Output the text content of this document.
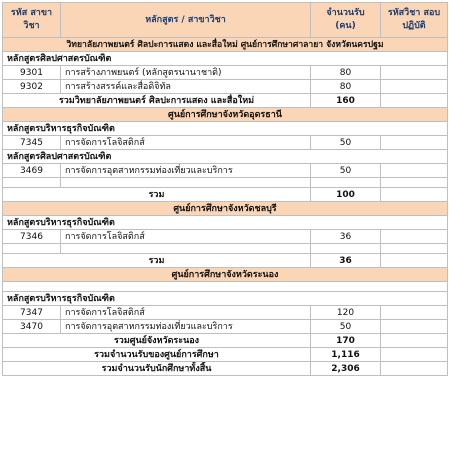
รหัส สาขาวิชา	หลักสูตร / สาขาวิชา	จำนวนรับ (คน)	รหัสวิชา สอบปฏิบัติ
วิทยาลัยภาพยนตร์ ศิลปะการแสดง และสื่อใหม่ ศูนย์การศึกษาศาลายา จังหวัดนครปฐม			
หลักสูตรศิลปศาสตรบัณฑิต			
9301	การสร้างภาพยนตร์ (หลักสูตรนานาชาติ)	80	
9302	การสร้างสรรค์และสื่อดิจิทัล	80	
รวมวิทยาลัยภาพยนตร์ ศิลปะการแสดง และสื่อใหม่		160	
ศูนย์การศึกษาจังหวัดอุดรธานี			
หลักสูตรบริหารธุรกิจบัณฑิต			
7345	การจัดการโลจิสติกส์	50	
หลักสูตรศิลปศาสตรบัณฑิต			
3469	การจัดการอุตสาหกรรมท่องเที่ยวและบริการ	50	

รวม		100	
ศูนย์การศึกษาจังหวัดชลบุรี			
หลักสูตรบริหารธุรกิจบัณฑิต			
7346	การจัดการโลจิสติกส์	36	

รวม		36	
ศูนย์การศึกษาจังหวัดระนอง			

หลักสูตรบริหารธุรกิจบัณฑิต			
7347	การจัดการโลจิสติกส์	120	
3470	การจัดการอุตสาหกรรมท่องเที่ยวและบริการ	50	
รวมศูนย์จังหวัดระนอง		170	
รวมจำนวนรับของศูนย์การศึกษา		1,116	
รวมจำนวนรับนักศึกษาทั้งสิ้น		2,306	
